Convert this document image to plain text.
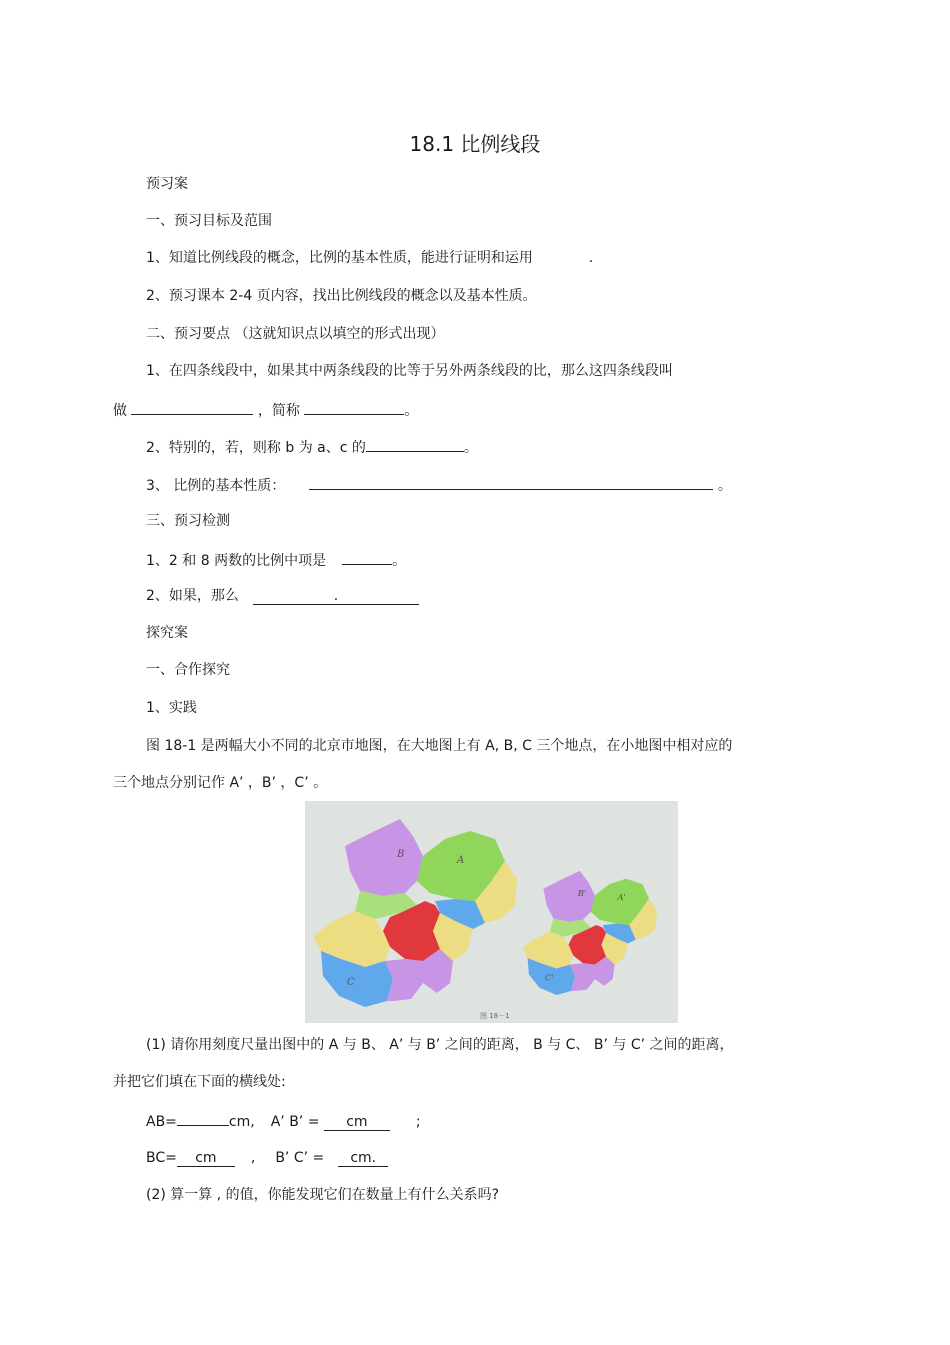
18.1 比例线段
预习案
一、预习目标及范围
1、知道比例线段的概念，比例的基本性质，能进行证明和运用	.
2、预习课本 2-4 页内容，找出比例线段的概念以及基本性质。
二、预习要点 （这就知识点以填空的形式出现）
1、在四条线段中，如果其中两条线段的比等于另外两条线段的比，那么这四条线段叫
做	，简称	。
2、特别的，若，则称 b 为 a、c 的	。
3、 比例的基本性质：	。
三、预习检测
1、2 和 8 两数的比例中项是	。
2、如果，那么	.
探究案
一、合作探究
1、实践
图 18-1 是两幅大小不同的北京市地图，在大地图上有 A, B, C 三个地点，在小地图中相对应的
三个地点分别记作 A’ ，B’ ，C’ 。
B
A
C
B' A'
C'
图 18－1
(1) 请你用刻度尺量出图中的 A 与 B、 A’ 与 B’ 之间的距离， B 与 C、 B’ 与 C’ 之间的距离，
并把它们填在下面的横线处:
AB=	cm, A’ B’ = cm	;
BC= cm , B’ C’ = cm.
(2) 算一算 , 的值，你能发现它们在数量上有什么关系吗?
